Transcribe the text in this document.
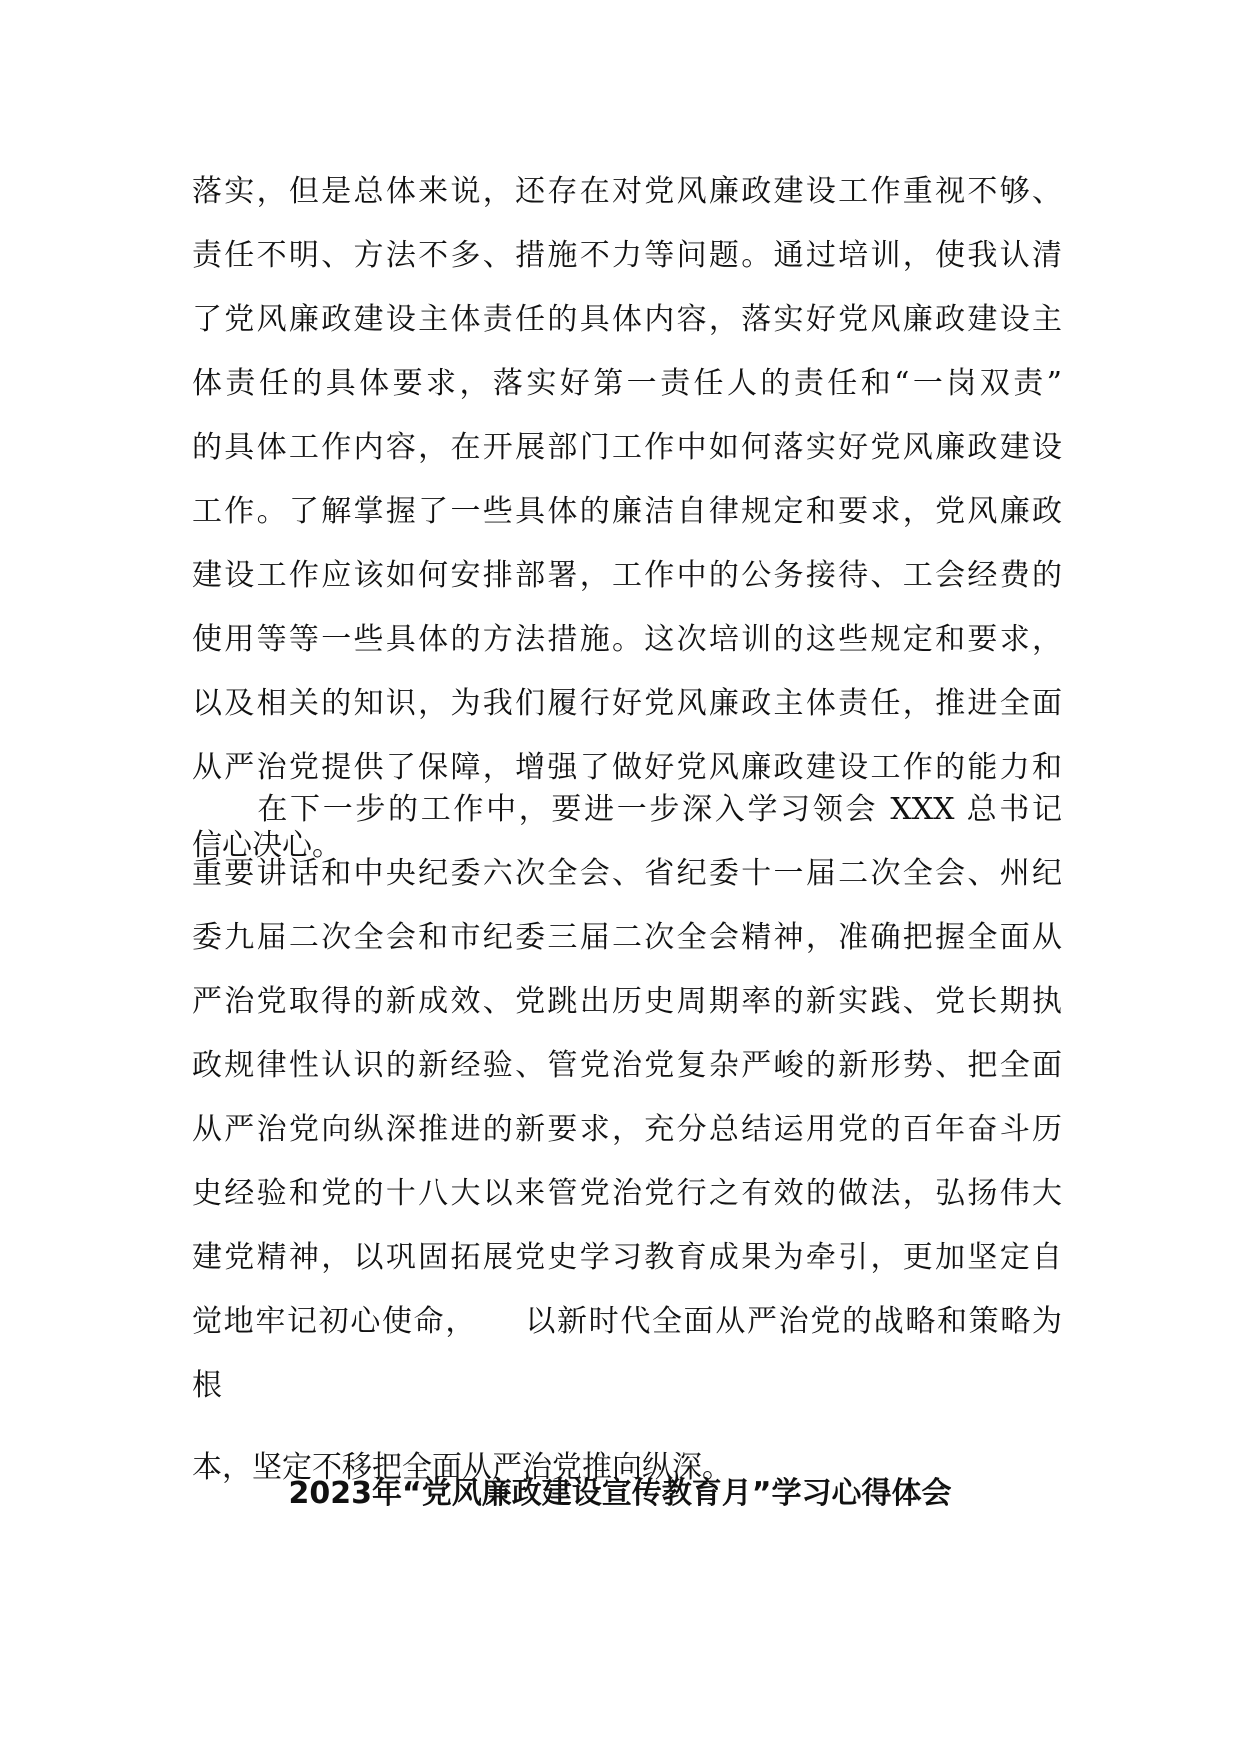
落实，但是总体来说，还存在对党风廉政建设工作重视不够、
责任不明、方法不多、措施不力等问题。通过培训，使我认清
了党风廉政建设主体责任的具体内容，落实好党风廉政建设主
体责任的具体要求，落实好第一责任人的责任和“一岗双责”
的具体工作内容，在开展部门工作中如何落实好党风廉政建设
工作。了解掌握了一些具体的廉洁自律规定和要求，党风廉政
建设工作应该如何安排部署，工作中的公务接待、工会经费的
使用等等一些具体的方法措施。这次培训的这些规定和要求，
以及相关的知识，为我们履行好党风廉政主体责任，推进全面
从严治党提供了保障，增强了做好党风廉政建设工作的能力和
信心决心。
　　在下一步的工作中，要进一步深入学习领会 XXX 总书记
重要讲话和中央纪委六次全会、省纪委十一届二次全会、州纪
委九届二次全会和市纪委三届二次全会精神，准确把握全面从
严治党取得的新成效、党跳出历史周期率的新实践、党长期执
政规律性认识的新经验、管党治党复杂严峻的新形势、把全面
从严治党向纵深推进的新要求，充分总结运用党的百年奋斗历
史经验和党的十八大以来管党治党行之有效的做法，弘扬伟大
建党精神，以巩固拓展党史学习教育成果为牵引，更加坚定自
觉地牢记初心使命，　　以新时代全面从严治党的战略和策略为
根
本，坚定不移把全面从严治党推向纵深。
2023年“党风廉政建设宣传教育月”学习心得体会
